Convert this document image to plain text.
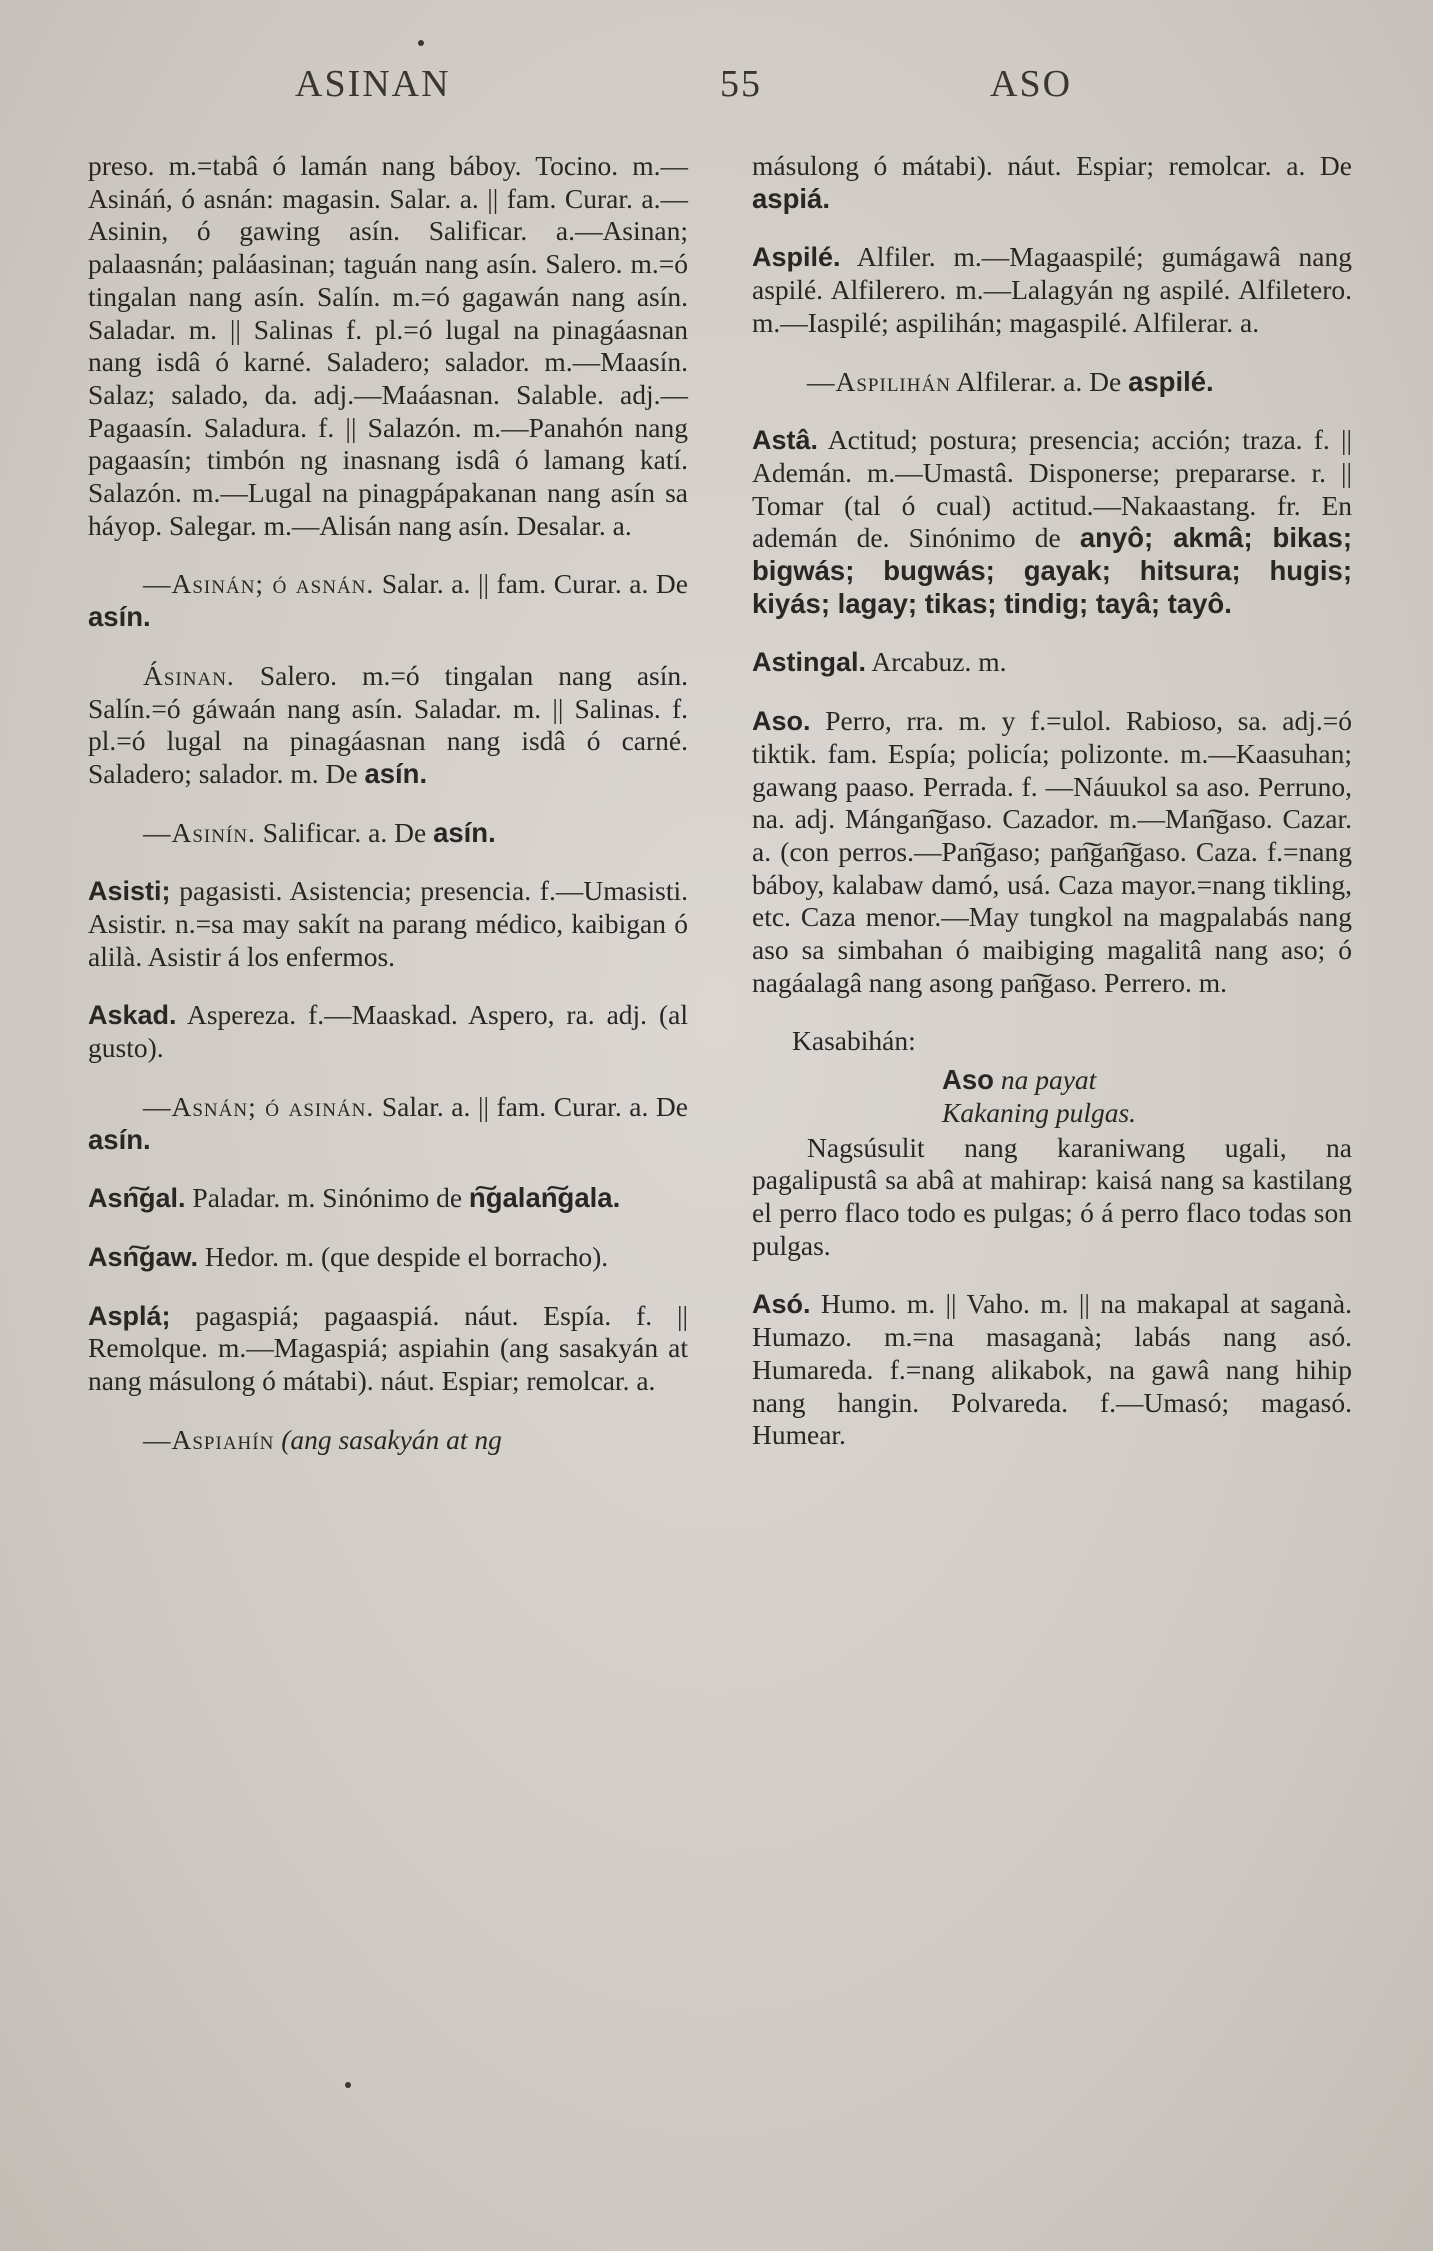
ASINAN	55	ASO

preso. m.=tabâ ó lamán nang báboy. Tocino. m.—Asináń, ó asnán: magasin. Salar. a. || fam. Curar. a.—Asinin, ó gawing asín. Salificar. a.—Asinan; palaasnán; paláasinan; taguán nang asín. Salero. m.=ó tingalan nang asín. Salín. m.=ó gagawán nang asín. Saladar. m. || Salinas f. pl.=ó lugal na pinagáasnan nang isdâ ó karné. Saladero; salador. m.—Maasín. Salaz; salado, da. adj.—Maáasnan. Salable. adj.—Pagaasín. Saladura. f. || Salazón. m.—Panahón nang pagaasín; timbón ng inasnang isdâ ó lamang katí. Salazón. m.—Lugal na pinagpápakanan nang asín sa háyop. Salegar. m.—Alisán nang asín. Desalar. a.

—Asinán; ó asnán. Salar. a. || fam. Curar. a. De asín.

Ásinan. Salero. m.=ó tingalan nang asín. Salín.=ó gáwaán nang asín. Saladar. m. || Salinas. f. pl.=ó lugal na pinagáasnan nang isdâ ó carné. Saladero; salador. m. De asín.

—Asinín. Salificar. a. De asín.

Asisti; pagasisti. Asistencia; presencia. f.—Umasisti. Asistir. n.=sa may sakít na parang médico, kaibigan ó alilà. Asistir á los enfermos.

Askad. Aspereza. f.—Maaskad. Aspero, ra. adj. (al gusto).

—Asnán; ó asinán. Salar. a. || fam. Curar. a. De asín.

Asn͠gal. Paladar. m. Sinónimo de n͠galan͠gala.

Asn͠gaw. Hedor. m. (que despide el borracho).

Asplá; pagaspiá; pagaaspiá. náut. Espía. f. || Remolque. m.—Magaspiá; aspiahin (ang sasakyán at nang másulong ó mátabi). náut. Espiar; remolcar. a.

—Aspiahín (ang sasakyán at ng

másulong ó mátabi). náut. Espiar; remolcar. a. De aspiá.

Aspilé. Alfiler. m.—Magaaspilé; gumágawâ nang aspilé. Alfilerero. m.—Lalagyán ng aspilé. Alfiletero. m.—Iaspilé; aspilihán; magaspilé. Alfilerar. a.

—Aspilihán Alfilerar. a. De aspilé.

Astâ. Actitud; postura; presencia; acción; traza. f. || Ademán. m.—Umastâ. Disponerse; prepararse. r. || Tomar (tal ó cual) actitud.—Nakaastang. fr. En ademán de. Sinónimo de anyô; akmâ; bikas; bigwás; bugwás; gayak; hitsura; hugis; kiyás; lagay; tikas; tindig; tayâ; tayô.

Astingal. Arcabuz. m.

Aso. Perro, rra. m. y f.=ulol. Rabioso, sa. adj.=ó tiktik. fam. Espía; policía; polizonte. m.—Kaasuhan; gawang paaso. Perrada. f. —Náuukol sa aso. Perruno, na. adj. Mángan͠gaso. Cazador. m.—Man͠gaso. Cazar. a. (con perros.—Pan͠gaso; pan͠gan͠gaso. Caza. f.=nang báboy, kalabaw damó, usá. Caza mayor.=nang tikling, etc. Caza menor.—May tungkol na magpalabás nang aso sa simbahan ó maibiging magalitâ nang aso; ó nagáalagâ nang asong pan͠gaso. Perrero. m.

Kasabihán:

Aso na payat

Kakaning pulgas.

Nagsúsulit nang karaniwang ugali, na pagalipustâ sa abâ at mahirap: kaisá nang sa kastilang el perro flaco todo es pulgas; ó á perro flaco todas son pulgas.

Asó. Humo. m. || Vaho. m. || na makapal at saganà. Humazo. m.=na masaganà; labás nang asó. Humareda. f.=nang alikabok, na gawâ nang hihip nang hangin. Polvareda. f.—Umasó; magasó. Humear.
